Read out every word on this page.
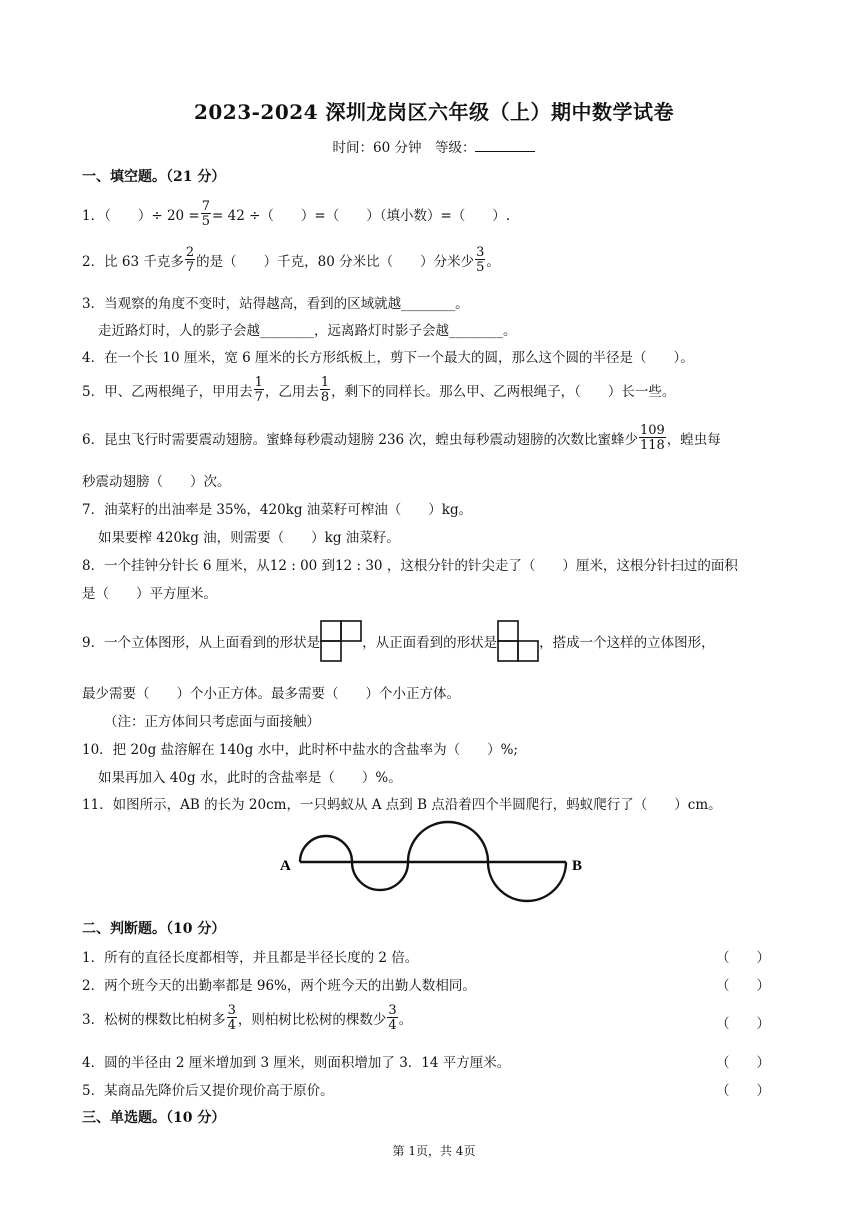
2023-2024 深圳龙岗区六年级（上）期中数学试卷
时间：60 分钟　等级：
一、填空题。（21 分）
1．（　　）÷ $20 = \frac{7}{5} = 42$ ÷（　　）=（　　）（填小数）=（　　）.
2．比 63 千克多 $\frac{2}{7}$ 的是（　　）千克，80 分米比（　　）分米少 $\frac{3}{5}$ 。
3．当观察的角度不变时，站得越高，看到的区域就越________。
走近路灯时，人的影子会越________，远离路灯时影子会越________。
4．在一个长 10 厘米，宽 6 厘米的长方形纸板上，剪下一个最大的圆，那么这个圆的半径是（　　）。
5．甲、乙两根绳子，甲用去 $\frac{1}{7}$ ，乙用去 $\frac{1}{8}$ ，剩下的同样长。那么甲、乙两根绳子，（　　）长一些。
6．昆虫飞行时需要震动翅膀。蜜蜂每秒震动翅膀 236 次，蝗虫每秒震动翅膀的次数比蜜蜂少 $\frac{109}{118}$ ，蝗虫每
秒震动翅膀（　　）次。
7．油菜籽的出油率是 35%，420kg 油菜籽可榨油（　　）kg。
如果要榨 420kg 油，则需要（　　）kg 油菜籽。
8．一个挂钟分针长 6 厘米，从12 : 00 到12 : 30 ，这根分针的针尖走了（　　）厘米，这根分针扫过的面积
是（　　）平方厘米。
9．一个立体图形，从上面看到的形状是	，从正面看到的形状是	，搭成一个这样的立体图形，
最少需要（　　）个小正方体。最多需要（　　）个小正方体。
（注：正方体间只考虑面与面接触）
10．把 20g 盐溶解在 140g 水中，此时杯中盐水的含盐率为（　　）%;
如果再加入 40g 水，此时的含盐率是（　　）%。
11．如图所示，AB 的长为 20cm，一只蚂蚁从 A 点到 B 点沿着四个半圆爬行，蚂蚁爬行了（　　）cm。
A	B
二、判断题。（10 分）
1．所有的直径长度都相等，并且都是半径长度的 2 倍。	（　　）
2．两个班今天的出勤率都是 96%，两个班今天的出勤人数相同。	（　　）
3．松树的棵数比柏树多 $\frac{3}{4}$ ，则柏树比松树的棵数少 $\frac{3}{4}$ 。	（　　）
4．圆的半径由 2 厘米增加到 3 厘米，则面积增加了 3．14 平方厘米。	（　　）
5．某商品先降价后又提价现价高于原价。	（　　）
三、单选题。（10 分）
第 1页，共 4页
